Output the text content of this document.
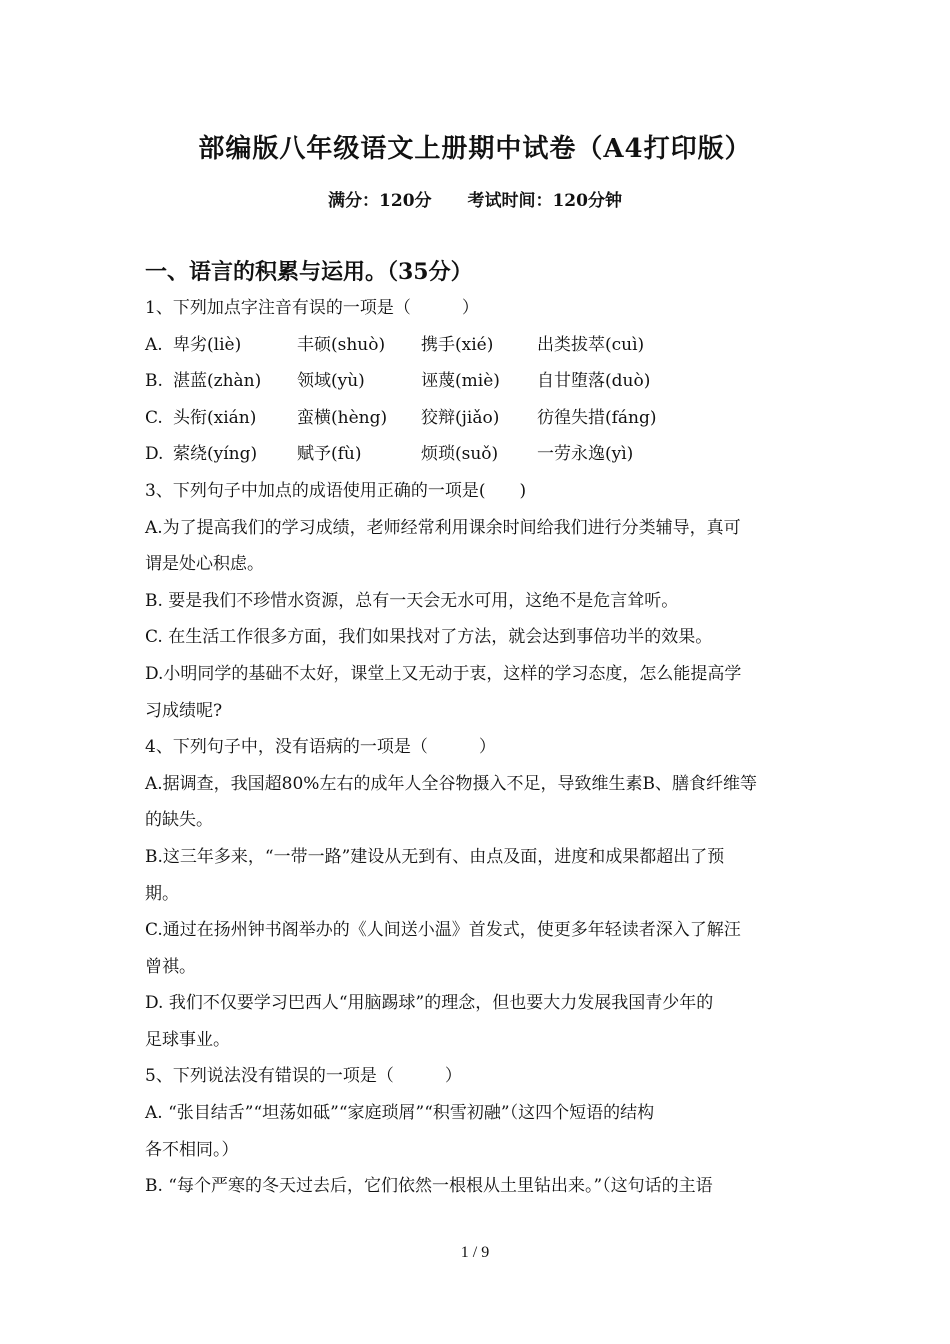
部编版八年级语文上册期中试卷（A4打印版）
满分：120分 考试时间：120分钟
一、语言的积累与运用。（35分）
1、下列加点字注音有误的一项是（　　　）
A. 卑劣(liè)	丰硕(shuò) 携手(xié)	出类拔萃(cuì)
B. 湛蓝(zhàn) 领域(yù)	诬蔑(miè) 自甘堕落(duò)
C. 头衔(xián) 蛮横(hèng) 狡辩(jiǎo) 彷徨失措(fáng)
D. 萦绕(yíng) 赋予(fù)	烦琐(suǒ) 一劳永逸(yì)
3、下列句子中加点的成语使用正确的一项是(　　)
A.为了提高我们的学习成绩，老师经常利用课余时间给我们进行分类辅导，真可
谓是处心积虑。
B. 要是我们不珍惜水资源，总有一天会无水可用，这绝不是危言耸听。
C. 在生活工作很多方面，我们如果找对了方法，就会达到事倍功半的效果。
D.小明同学的基础不太好，课堂上又无动于衷，这样的学习态度，怎么能提高学
习成绩呢?
4、下列句子中，没有语病的一项是（　　　）
A.据调查，我国超80%左右的成年人全谷物摄入不足，导致维生素B、膳食纤维等
的缺失。
B.这三年多来，“一带一路”建设从无到有、由点及面，进度和成果都超出了预
期。
C.通过在扬州钟书阁举办的《人间送小温》首发式，使更多年轻读者深入了解汪
曾祺。
D. 我们不仅要学习巴西人“用脑踢球”的理念，但也要大力发展我国青少年的
足球事业。
5、下列说法没有错误的一项是（　　　）
A. “张目结舌”“坦荡如砥”“家庭琐屑”“积雪初融”（这四个短语的结构
各不相同。）
B. “每个严寒的冬天过去后，它们依然一根根从土里钻出来。”（这句话的主语
1 / 9
